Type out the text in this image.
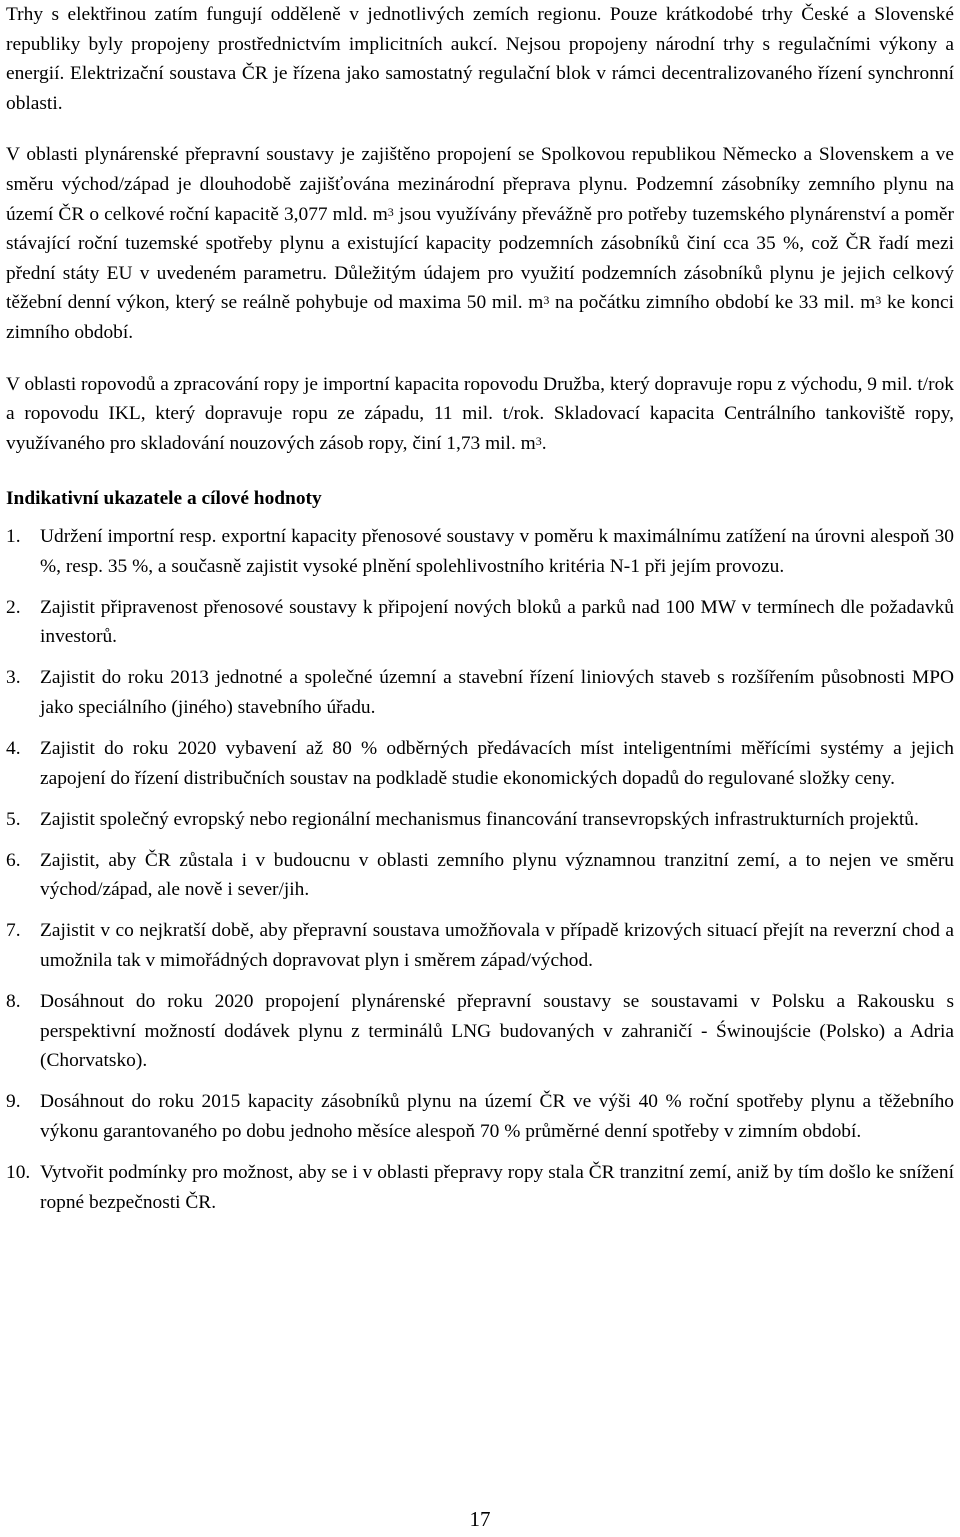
Trhy s elektřinou zatím fungují odděleně v jednotlivých zemích regionu. Pouze krátkodobé trhy České a Slovenské republiky byly propojeny prostřednictvím implicitních aukcí. Nejsou propojeny národní trhy s regulačními výkony a energií. Elektrizační soustava ČR je řízena jako samostatný regulační blok v rámci decentralizovaného řízení synchronní oblasti.

V oblasti plynárenské přepravní soustavy je zajištěno propojení se Spolkovou republikou Německo a Slovenskem a ve směru východ/západ je dlouhodobě zajišťována mezinárodní přeprava plynu. Podzemní zásobníky zemního plynu na území ČR o celkové roční kapacitě 3,077 mld. $m^3$ jsou využívány převážně pro potřeby tuzemského plynárenství a poměr stávající roční tuzemské spotřeby plynu a existující kapacity podzemních zásobníků činí cca 35 %, což ČR řadí mezi přední státy EU v uvedeném parametru. Důležitým údajem pro využití podzemních zásobníků plynu je jejich celkový těžební denní výkon, který se reálně pohybuje od maxima 50 mil. $m^3$ na počátku zimního období ke 33 mil. $m^3$ ke konci zimního období.

V oblasti ropovodů a zpracování ropy je importní kapacita ropovodu Družba, který dopravuje ropu z východu, 9 mil. t/rok a ropovodu IKL, který dopravuje ropu ze západu, 11 mil. t/rok. Skladovací kapacita Centrálního tankoviště ropy, využívaného pro skladování nouzových zásob ropy, činí 1,73 mil. $m^3$.

Indikativní ukazatele a cílové hodnoty
1. Udržení importní resp. exportní kapacity přenosové soustavy v poměru k maximálnímu zatížení na úrovni alespoň 30 %, resp. 35 %, a současně zajistit vysoké plnění spolehlivostního kritéria N-1 při jejím provozu.

2. Zajistit připravenost přenosové soustavy k připojení nových bloků a parků nad 100 MW v termínech dle požadavků investorů.

3. Zajistit do roku 2013 jednotné a společné územní a stavební řízení liniových staveb s rozšířením působnosti MPO jako speciálního (jiného) stavebního úřadu.

4. Zajistit do roku 2020 vybavení až 80 % odběrných předávacích míst inteligentními měřícími systémy a jejich zapojení do řízení distribučních soustav na podkladě studie ekonomických dopadů do regulované složky ceny.

5. Zajistit společný evropský nebo regionální mechanismus financování transevropských infrastrukturních projektů.

6. Zajistit, aby ČR zůstala i v budoucnu v oblasti zemního plynu významnou tranzitní zemí, a to nejen ve směru východ/západ, ale nově i sever/jih.

7. Zajistit v co nejkratší době, aby přepravní soustava umožňovala v případě krizových situací přejít na reverzní chod a umožnila tak v mimořádných dopravovat plyn i směrem západ/východ.

8. Dosáhnout do roku 2020 propojení plynárenské přepravní soustavy se soustavami v Polsku a Rakousku s perspektivní možností dodávek plynu z terminálů LNG budovaných v zahraničí - Świnoujście (Polsko) a Adria (Chorvatsko).

9. Dosáhnout do roku 2015 kapacity zásobníků plynu na území ČR ve výši 40 % roční spotřeby plynu a těžebního výkonu garantovaného po dobu jednoho měsíce alespoň 70 % průměrné denní spotřeby v zimním období.

10. Vytvořit podmínky pro možnost, aby se i v oblasti přepravy ropy stala ČR tranzitní zemí, aniž by tím došlo ke snížení ropné bezpečnosti ČR.

17
